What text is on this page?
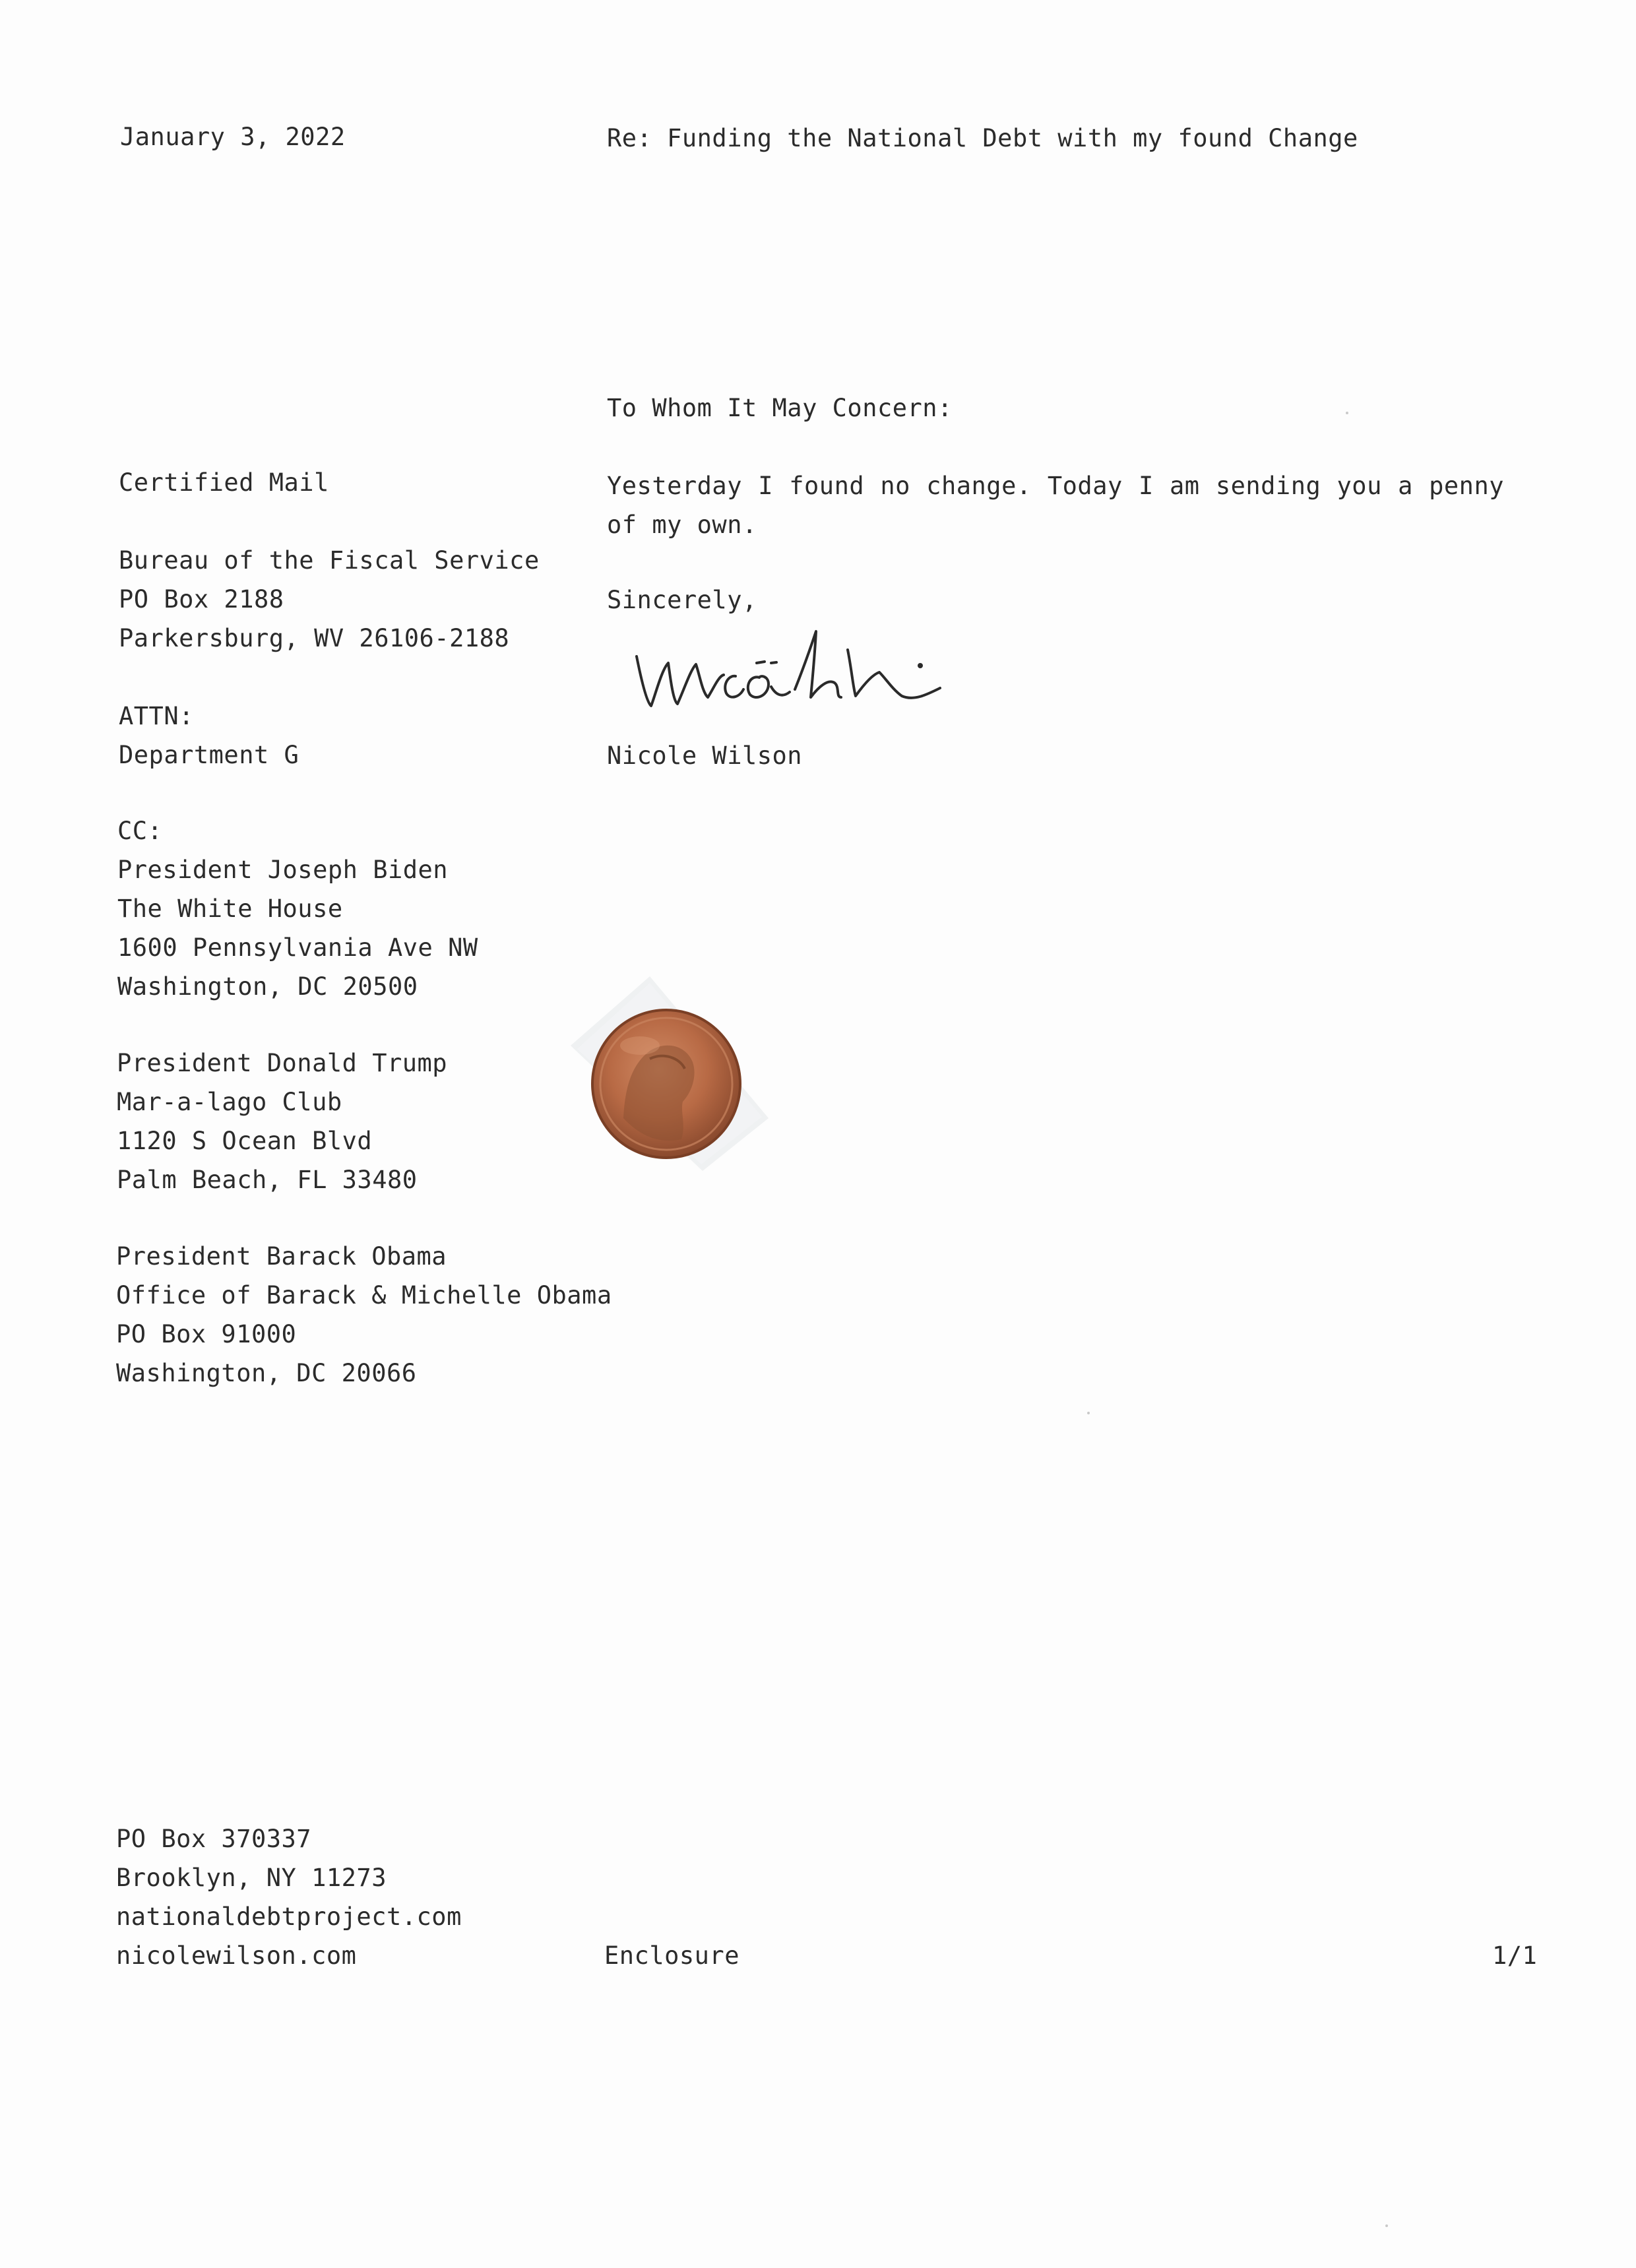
January 3, 2022	Re: Funding the National Debt with my found Change
To Whom It May Concern:
Certified Mail	Yesterday I found no change. Today I am sending you a penny of my own.
Bureau of the Fiscal Service
PO Box 2188
Parkersburg, WV 26106-2188
Sincerely,
ATTN:
Department G	Nicole Wilson
CC:
President Joseph Biden
The White House
1600 Pennsylvania Ave NW
Washington, DC 20500
President Donald Trump
Mar-a-lago Club
1120 S Ocean Blvd
Palm Beach, FL 33480
President Barack Obama
Office of Barack & Michelle Obama
PO Box 91000
Washington, DC 20066
PO Box 370337
Brooklyn, NY 11273
nationaldebtproject.com
nicolewilson.com	Enclosure	1/1
